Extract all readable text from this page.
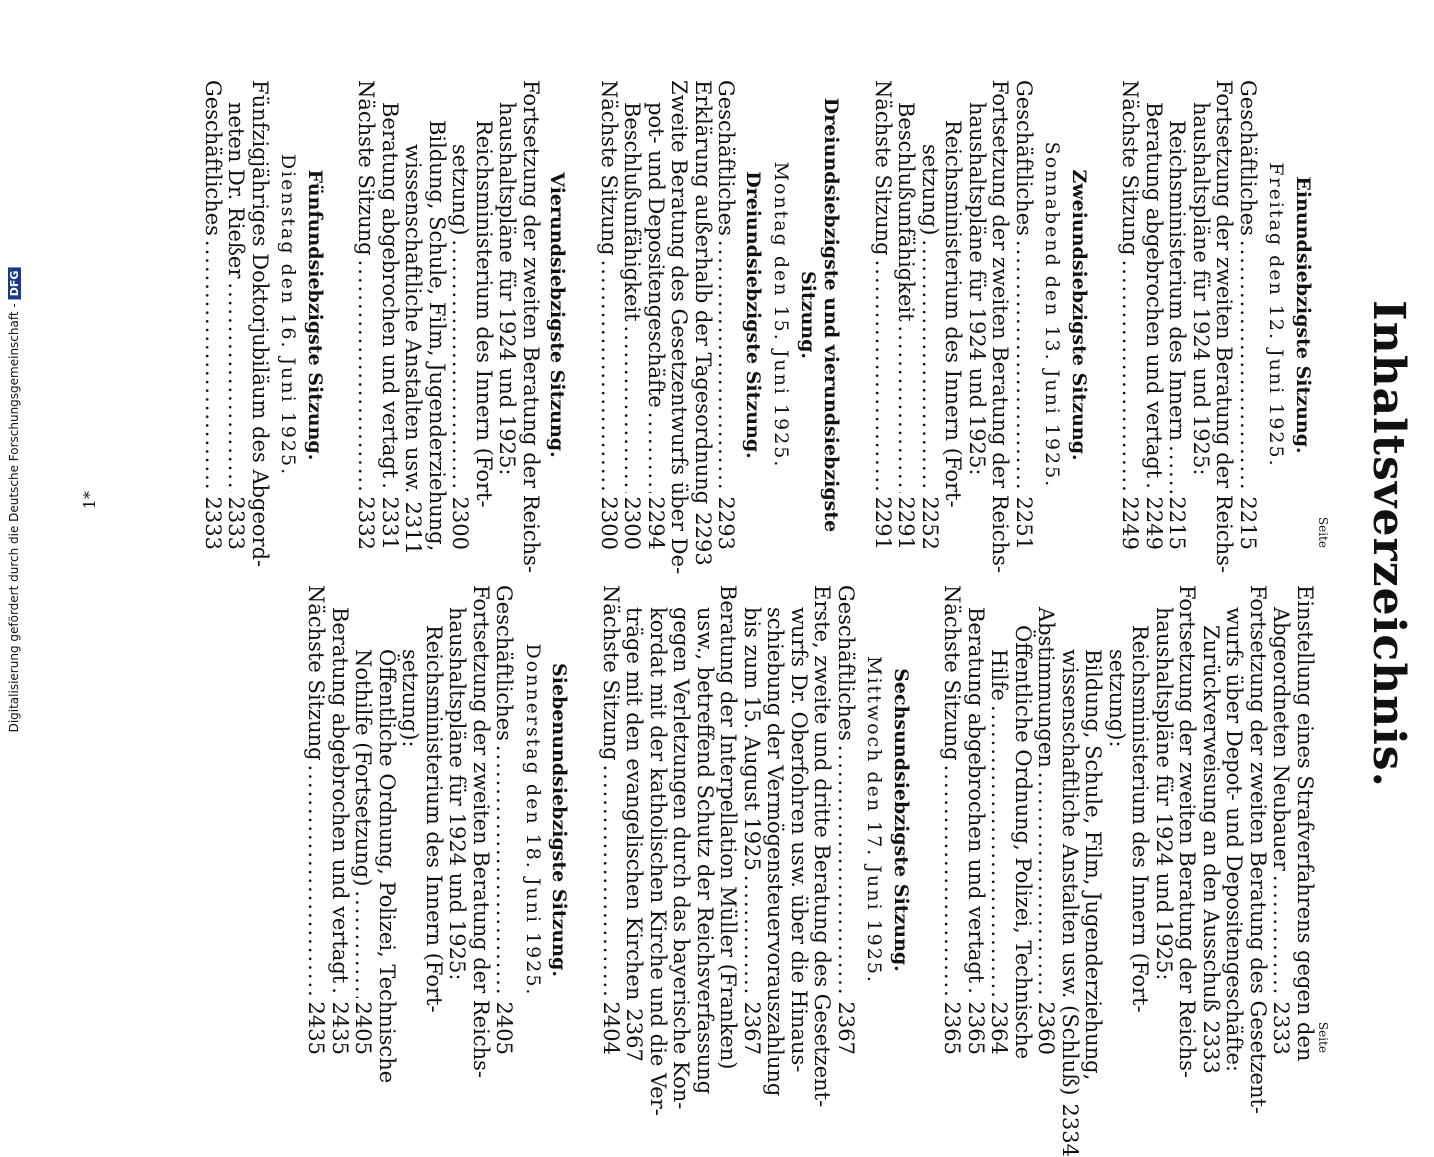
Inhaltsverzeichnis.
Seite
Einundsiebzigste Sitzung.
Freitag den 12. Juni 1925.
Geschäftliches
.....
2215
Fortsetzung der zweiten Beratung der Reichs-
haushaltspläne für 1924 und 1925:
Reichsministerium des Innern
.....
2215
Beratung abgebrochen und vertagt
.....
2249
Nächste Sitzung
.....
2249
Zweiundsiebzigste Sitzung.
Sonnabend den 13. Juni 1925.
Geschäftliches
.....
2251
Fortsetzung der zweiten Beratung der Reichs-
haushaltspläne für 1924 und 1925:
Reichsministerium des Innern (Fort-
setzung)
.....
2252
Beschlußunfähigkeit
.....
2291
Nächste Sitzung
.....
2291
Dreiundsiebzigste und vierundsiebzigste Sitzung.
Montag den 15. Juni 1925.
Dreiundsiebzigste Sitzung.
Geschäftliches
.....
2293
Erklärung außerhalb der Tagesordnung
2293
Zweite Beratung des Gesetzentwurfs über De-
pot- und Depositengeschäfte
.....
2294
Beschlußunfähigkeit
.....
2300
Nächste Sitzung
.....
2300
Vierundsiebzigste Sitzung.
Fortsetzung der zweiten Beratung der Reichs-
haushaltspläne für 1924 und 1925:
Reichsministerium des Innern (Fort-
setzung)
.....
2300
Bildung, Schule, Film, Jugenderziehung,
wissenschaftliche Anstalten usw.
2311
Beratung abgebrochen und vertagt
.....
2331
Nächste Sitzung
.....
2332
Fünfundsiebzigste Sitzung.
Dienstag den 16. Juni 1925.
Fünfzigjähriges Doktorjubiläum des Abgeord-
neten Dr. Rießer
.....
2333
Geschäftliches
.....
2333
Seite
Einstellung eines Strafverfahrens gegen den
Abgeordneten Neubauer
.....
2333
Fortsetzung der zweiten Beratung des Gesetzent-
wurfs über Depot- und Depositengeschäfte:
Zurückverweisung an den Ausschuß
2333
Fortsetzung der zweiten Beratung der Reichs-
haushaltspläne für 1924 und 1925:
Reichsministerium des Innern (Fort-
setzung):
Bildung, Schule, Film, Jugenderziehung,
wissenschaftliche Anstalten usw. (Schluß)
2334
Abstimmungen
.....
2360
Öffentliche Ordnung, Polizei, Technische
Hilfe
.....
2364
Beratung abgebrochen und vertagt
.....
2365
Nächste Sitzung
.....
2365
Sechsundsiebzigste Sitzung.
Mittwoch den 17. Juni 1925.
Geschäftliches
.....
2367
Erste, zweite und dritte Beratung des Gesetzent-
wurfs Dr. Oberfohren usw. über die Hinaus-
schiebung der Vermögensteuervorauszahlung
bis zum 15. August 1925
.....
2367
Beratung der Interpellation Müller (Franken)
usw., betreffend Schutz der Reichsverfassung
gegen Verletzungen durch das bayerische Kon-
kordat mit der katholischen Kirche und die Ver-
träge mit den evangelischen Kirchen
2367
Nächste Sitzung
.....
2404
Siebenundsiebzigste Sitzung.
Donnerstag den 18. Juni 1925.
Geschäftliches
.....
2405
Fortsetzung der zweiten Beratung der Reichs-
haushaltspläne für 1924 und 1925:
Reichsministerium des Innern (Fort-
setzung):
Öffentliche Ordnung, Polizei, Technische
Nothilfe (Fortsetzung)
.....
2405
Beratung abgebrochen und vertagt
.....
2435
Nächste Sitzung
.....
2435
1*
Digitalisierung gefördert durch die Deutsche Forschungsgemeinschaft -DFG
